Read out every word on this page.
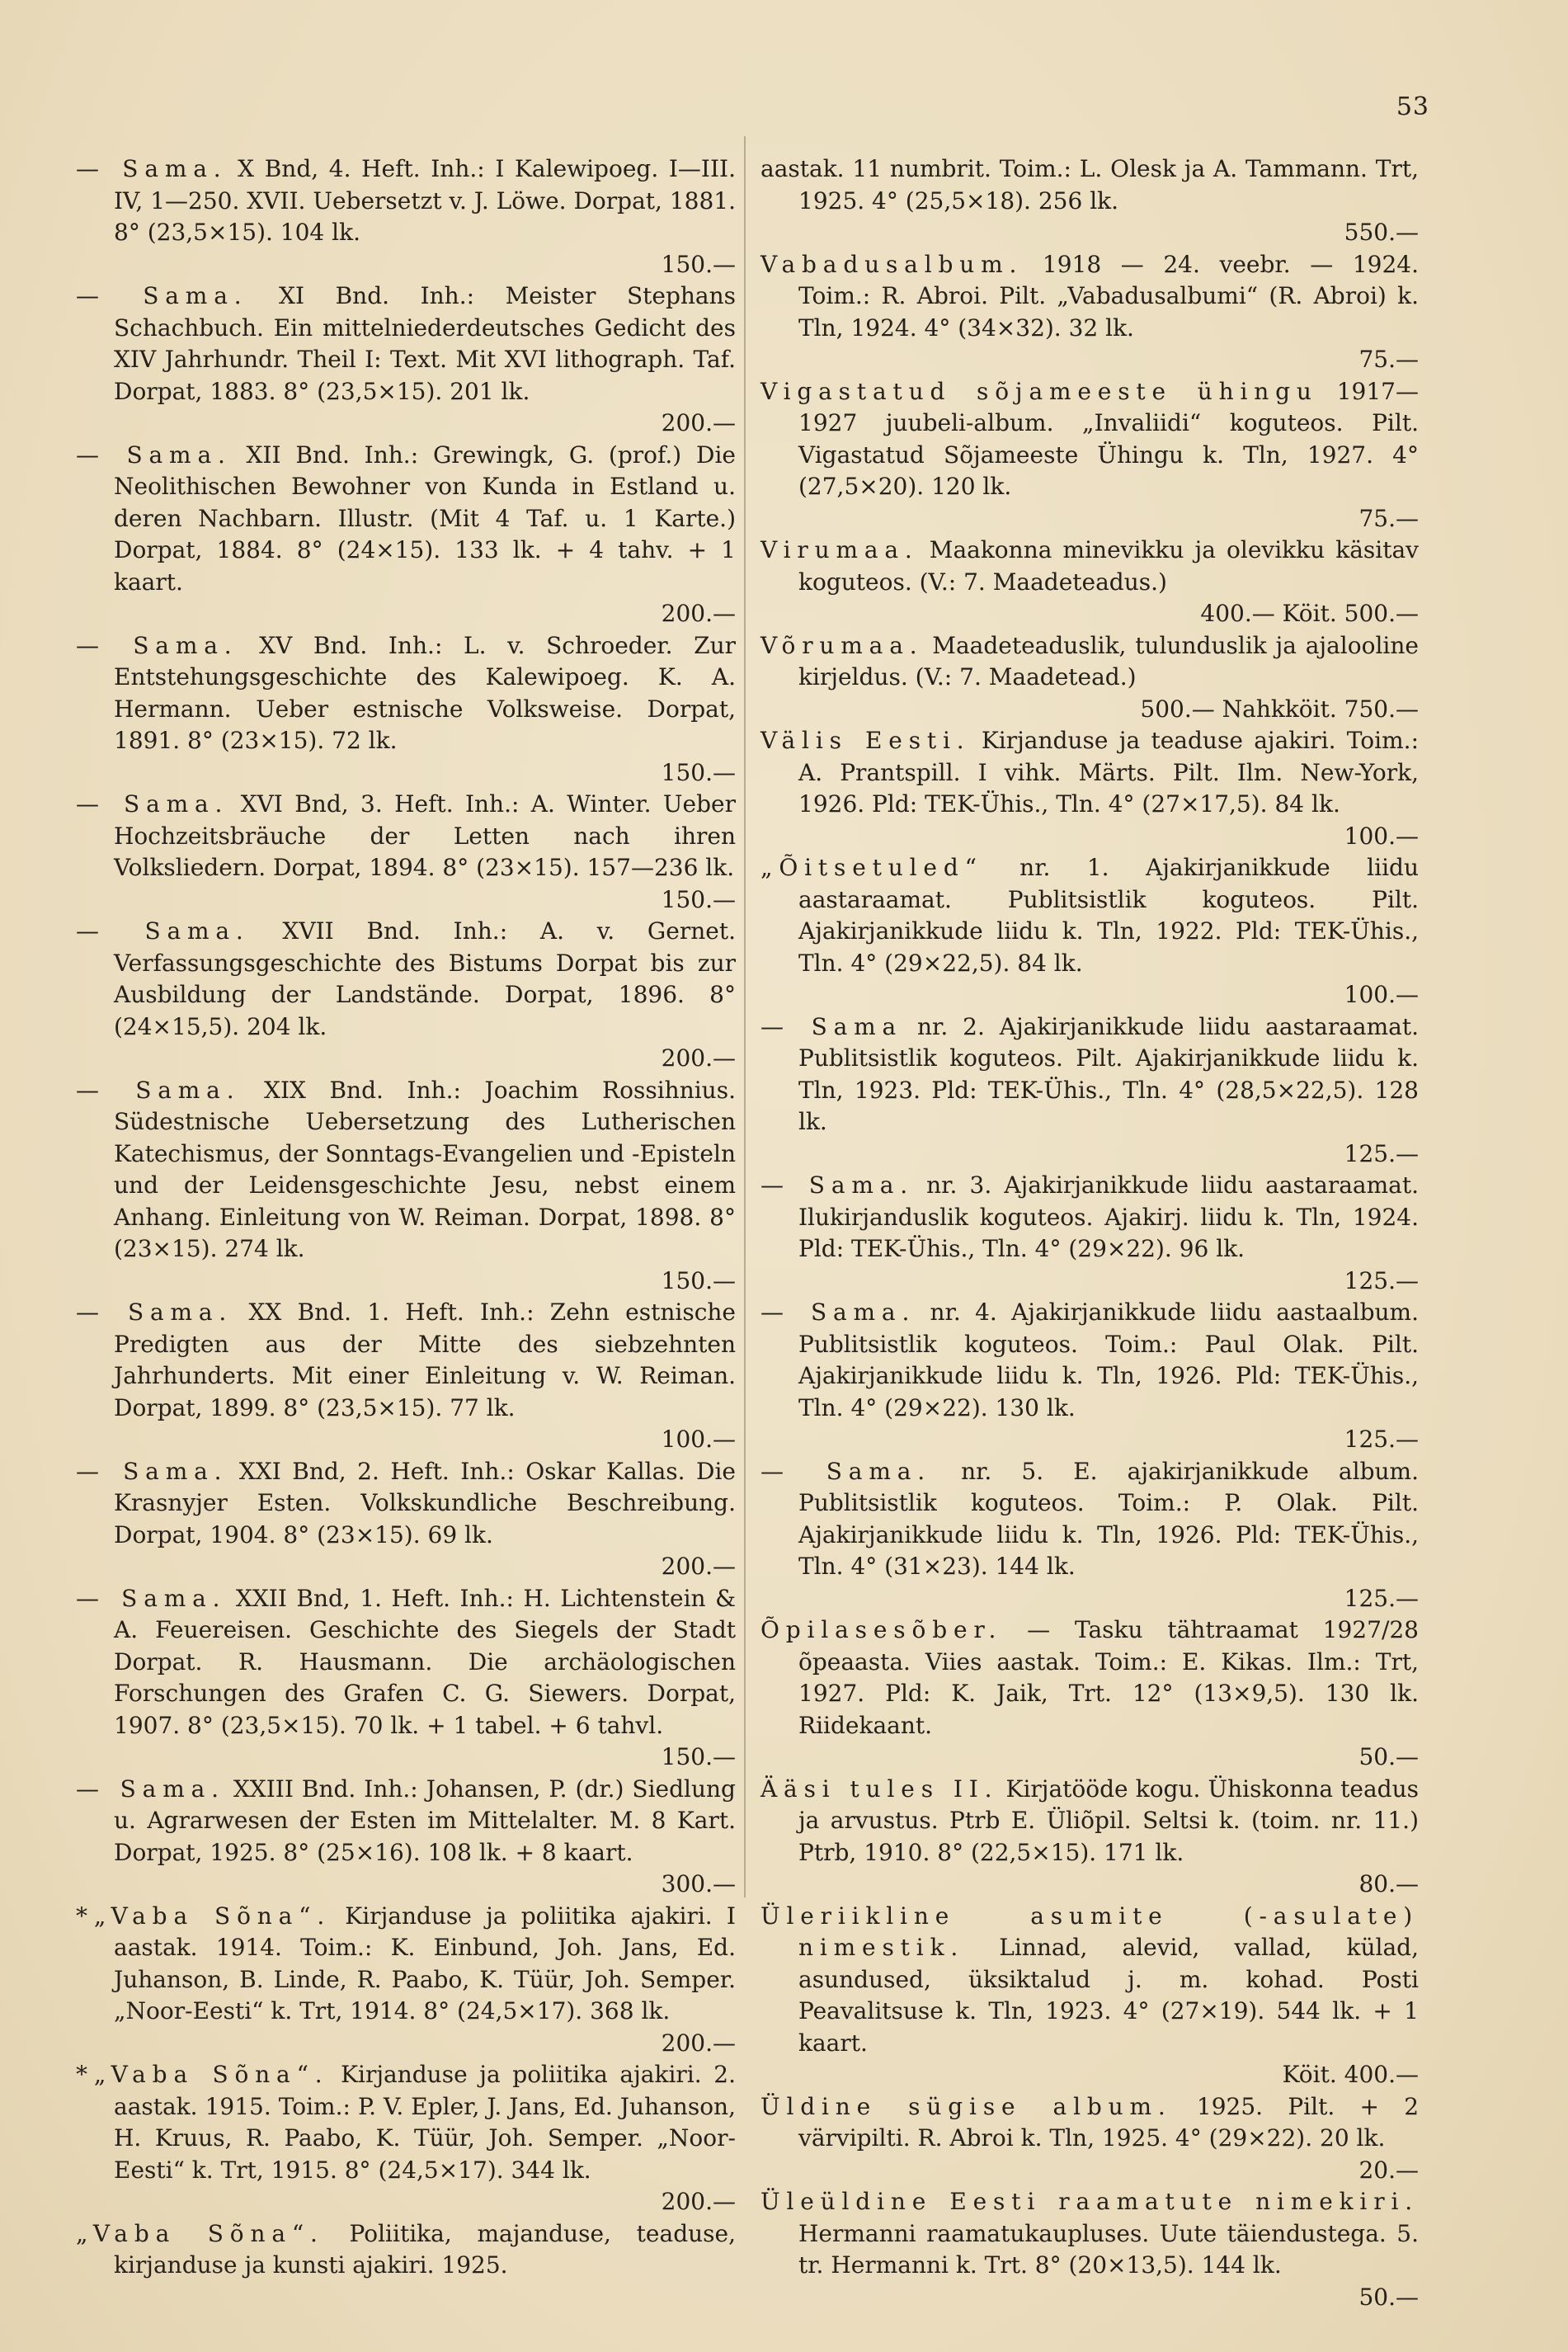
53

— Sama. X Bnd, 4. Heft. Inh.: I Kalewipoeg. I—III. IV, 1—250. XVII. Uebersetzt v. J. Löwe. Dorpat, 1881. 8° (23,5×15). 104 lk.
150.—

— Sama. XI Bnd. Inh.: Meister Stephans Schachbuch. Ein mittelniederdeutsches Gedicht des XIV Jahrhundr. Theil I: Text. Mit XVI lithograph. Taf. Dorpat, 1883. 8° (23,5×15). 201 lk.
200.—

— Sama. XII Bnd. Inh.: Grewingk, G. (prof.) Die Neolithischen Bewohner von Kunda in Estland u. deren Nachbarn. Illustr. (Mit 4 Taf. u. 1 Karte.) Dorpat, 1884. 8° (24×15). 133 lk. + 4 tahv. + 1 kaart.
200.—

— Sama. XV Bnd. Inh.: L. v. Schroeder. Zur Entstehungsgeschichte des Kalewipoeg. K. A. Hermann. Ueber estnische Volksweise. Dorpat, 1891. 8° (23×15). 72 lk.
150.—

— Sama. XVI Bnd, 3. Heft. Inh.: A. Winter. Ueber Hochzeitsbräuche der Letten nach ihren Volksliedern. Dorpat, 1894. 8° (23×15). 157—236 lk.
150.—

— Sama. XVII Bnd. Inh.: A. v. Gernet. Verfassungsgeschichte des Bistums Dorpat bis zur Ausbildung der Landstände. Dorpat, 1896. 8° (24×15,5). 204 lk.
200.—

— Sama. XIX Bnd. Inh.: Joachim Rossihnius. Südestnische Uebersetzung des Lutherischen Katechismus, der Sonntags-Evangelien und -Episteln und der Leidensgeschichte Jesu, nebst einem Anhang. Einleitung von W. Reiman. Dorpat, 1898. 8° (23×15). 274 lk.
150.—

— Sama. XX Bnd. 1. Heft. Inh.: Zehn estnische Predigten aus der Mitte des siebzehnten Jahrhunderts. Mit einer Einleitung v. W. Reiman. Dorpat, 1899. 8° (23,5×15). 77 lk.
100.—

— Sama. XXI Bnd, 2. Heft. Inh.: Oskar Kallas. Die Krasnyjer Esten. Volkskundliche Beschreibung. Dorpat, 1904. 8° (23×15). 69 lk.
200.—

— Sama. XXII Bnd, 1. Heft. Inh.: H. Lichtenstein & A. Feuereisen. Geschichte des Siegels der Stadt Dorpat. R. Hausmann. Die archäologischen Forschungen des Grafen C. G. Siewers. Dorpat, 1907. 8° (23,5×15). 70 lk. + 1 tabel. + 6 tahvl.
150.—

— Sama. XXIII Bnd. Inh.: Johansen, P. (dr.) Siedlung u. Agrarwesen der Esten im Mittelalter. M. 8 Kart. Dorpat, 1925. 8° (25×16). 108 lk. + 8 kaart.
300.—

*„Vaba Sõna“. Kirjanduse ja poliitika ajakiri. I aastak. 1914. Toim.: K. Einbund, Joh. Jans, Ed. Juhanson, B. Linde, R. Paabo, K. Tüür, Joh. Semper. „Noor-Eesti“ k. Trt, 1914. 8° (24,5×17). 368 lk.
200.—

*„Vaba Sõna“. Kirjanduse ja poliitika ajakiri. 2. aastak. 1915. Toim.: P. V. Epler, J. Jans, Ed. Juhanson, H. Kruus, R. Paabo, K. Tüür, Joh. Semper. „Noor-Eesti“ k. Trt, 1915. 8° (24,5×17). 344 lk.
200.—

„Vaba Sõna“. Poliitika, majanduse, teaduse, kirjanduse ja kunsti ajakiri. 1925.

aastak. 11 numbrit. Toim.: L. Olesk ja A. Tammann. Trt, 1925. 4° (25,5×18). 256 lk.
550.—

Vabadusalbum. 1918 — 24. veebr. — 1924. Toim.: R. Abroi. Pilt. „Vabadusalbumi“ (R. Abroi) k. Tln, 1924. 4° (34×32). 32 lk.
75.—

Vigastatud sõjameeste ühingu 1917—1927 juubeli-album. „Invaliidi“ koguteos. Pilt. Vigastatud Sõjameeste Ühingu k. Tln, 1927. 4° (27,5×20). 120 lk.
75.—

Virumaa. Maakonna minevikku ja olevikku käsitav koguteos. (V.: 7. Maadeteadus.)
400.— Köit. 500.—

Võrumaa. Maadeteaduslik, tulunduslik ja ajalooline kirjeldus. (V.: 7. Maadetead.)
500.— Nahkköit. 750.—

Välis Eesti. Kirjanduse ja teaduse ajakiri. Toim.: A. Prantspill. I vihk. Märts. Pilt. Ilm. New-York, 1926. Pld: TEK-Ühis., Tln. 4° (27×17,5). 84 lk.
100.—

„Õitsetuled“ nr. 1. Ajakirjanikkude liidu aastaraamat. Publitsistlik koguteos. Pilt. Ajakirjanikkude liidu k. Tln, 1922. Pld: TEK-Ühis., Tln. 4° (29×22,5). 84 lk.
100.—

— Sama nr. 2. Ajakirjanikkude liidu aastaraamat. Publitsistlik koguteos. Pilt. Ajakirjanikkude liidu k. Tln, 1923. Pld: TEK-Ühis., Tln. 4° (28,5×22,5). 128 lk.
125.—

— Sama. nr. 3. Ajakirjanikkude liidu aastaraamat. Ilukirjanduslik koguteos. Ajakirj. liidu k. Tln, 1924. Pld: TEK-Ühis., Tln. 4° (29×22). 96 lk.
125.—

— Sama. nr. 4. Ajakirjanikkude liidu aastaalbum. Publitsistlik koguteos. Toim.: Paul Olak. Pilt. Ajakirjanikkude liidu k. Tln, 1926. Pld: TEK-Ühis., Tln. 4° (29×22). 130 lk.
125.—

— Sama. nr. 5. E. ajakirjanikkude album. Publitsistlik koguteos. Toim.: P. Olak. Pilt. Ajakirjanikkude liidu k. Tln, 1926. Pld: TEK-Ühis., Tln. 4° (31×23). 144 lk.
125.—

Õpilasesõber. — Tasku tähtraamat 1927/28 õpeaasta. Viies aastak. Toim.: E. Kikas. Ilm.: Trt, 1927. Pld: K. Jaik, Trt. 12° (13×9,5). 130 lk. Riidekaant.
50.—

Ääsi tules II. Kirjatööde kogu. Ühiskonna teadus ja arvustus. Ptrb E. Üliõpil. Seltsi k. (toim. nr. 11.) Ptrb, 1910. 8° (22,5×15). 171 lk.
80.—

Üleriikline asumite (-asulate) nimestik. Linnad, alevid, vallad, külad, asundused, üksiktalud j. m. kohad. Posti Peavalitsuse k. Tln, 1923. 4° (27×19). 544 lk. + 1 kaart.
Köit. 400.—

Üldine sügise album. 1925. Pilt. + 2 värvipilti. R. Abroi k. Tln, 1925. 4° (29×22). 20 lk.
20.—

Üleüldine Eesti raamatute nimekiri. Hermanni raamatukaupluses. Uute täiendustega. 5. tr. Hermanni k. Trt. 8° (20×13,5). 144 lk.
50.—
